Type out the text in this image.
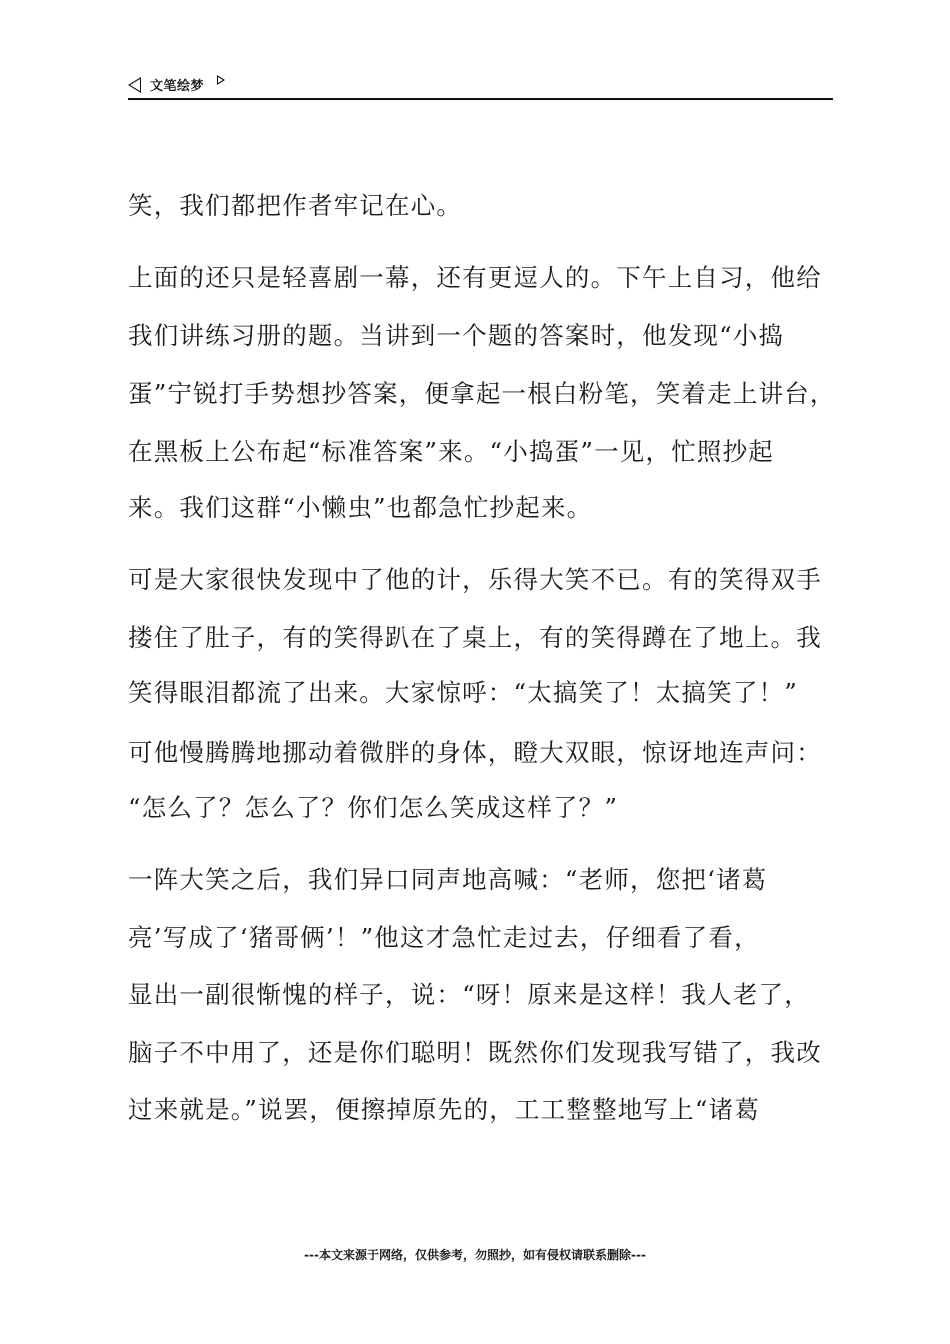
文笔绘梦
笑，我们都把作者牢记在心。
上面的还只是轻喜剧一幕，还有更逗人的。下午上自习，他给
我们讲练习册的题。当讲到一个题的答案时，他发现“小捣
蛋”宁锐打手势想抄答案，便拿起一根白粉笔，笑着走上讲台，
在黑板上公布起“标准答案”来。“小捣蛋”一见，忙照抄起
来。我们这群“小懒虫”也都急忙抄起来。
可是大家很快发现中了他的计，乐得大笑不已。有的笑得双手
搂住了肚子，有的笑得趴在了桌上，有的笑得蹲在了地上。我
笑得眼泪都流了出来。大家惊呼：“太搞笑了！太搞笑了！”
可他慢腾腾地挪动着微胖的身体，瞪大双眼，惊讶地连声问：
“怎么了？怎么了？你们怎么笑成这样了？”
一阵大笑之后，我们异口同声地高喊：“老师，您把‘诸葛
亮’写成了‘猪哥俩’！”他这才急忙走过去，仔细看了看，
显出一副很惭愧的样子，说：“呀！原来是这样！我人老了，
脑子不中用了，还是你们聪明！既然你们发现我写错了，我改
过来就是。”说罢，便擦掉原先的，工工整整地写上“诸葛
---本文来源于网络，仅供参考，勿照抄，如有侵权请联系删除---
